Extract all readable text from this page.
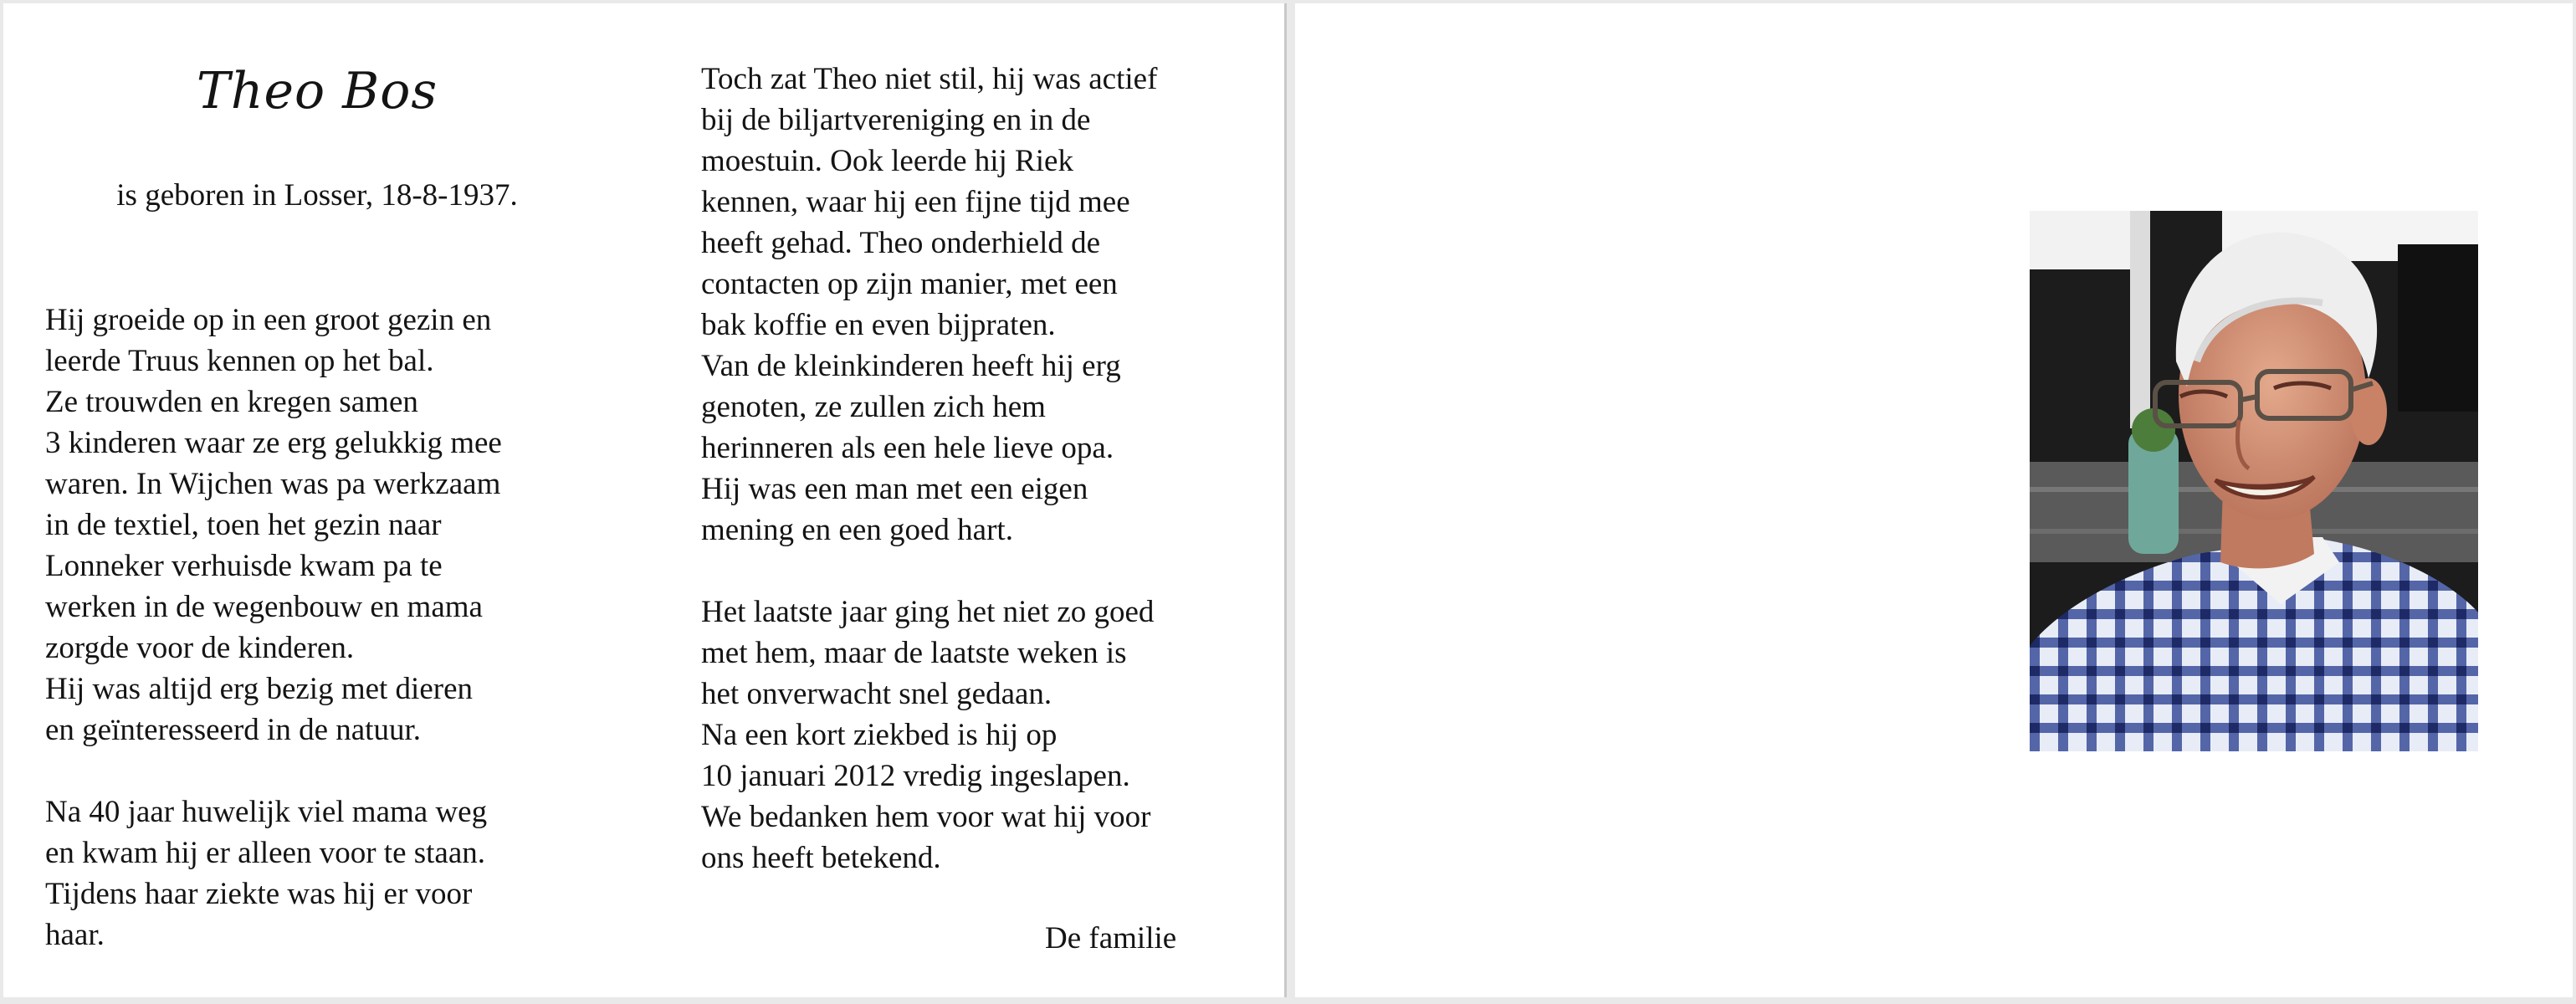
Theo Bos

is geboren in Losser, 18-8-1937.

Hij groeide op in een groot gezin en
leerde Truus kennen op het bal.
Ze trouwden en kregen samen
3 kinderen waar ze erg gelukkig mee
waren. In Wijchen was pa werkzaam
in de textiel, toen het gezin naar
Lonneker verhuisde kwam pa te
werken in de wegenbouw en mama
zorgde voor de kinderen.
Hij was altijd erg bezig met dieren
en geïnteresseerd in de natuur.

Na 40 jaar huwelijk viel mama weg
en kwam hij er alleen voor te staan.
Tijdens haar ziekte was hij er voor
haar.

Toch zat Theo niet stil, hij was actief
bij de biljartvereniging en in de
moestuin. Ook leerde hij Riek
kennen, waar hij een fijne tijd mee
heeft gehad. Theo onderhield de
contacten op zijn manier, met een
bak koffie en even bijpraten.
Van de kleinkinderen heeft hij erg
genoten, ze zullen zich hem
herinneren als een hele lieve opa.
Hij was een man met een eigen
mening en een goed hart.

Het laatste jaar ging het niet zo goed
met hem, maar de laatste weken is
het onverwacht snel gedaan.
Na een kort ziekbed is hij op
10 januari 2012 vredig ingeslapen.
We bedanken hem voor wat hij voor
ons heeft betekend.

De familie
